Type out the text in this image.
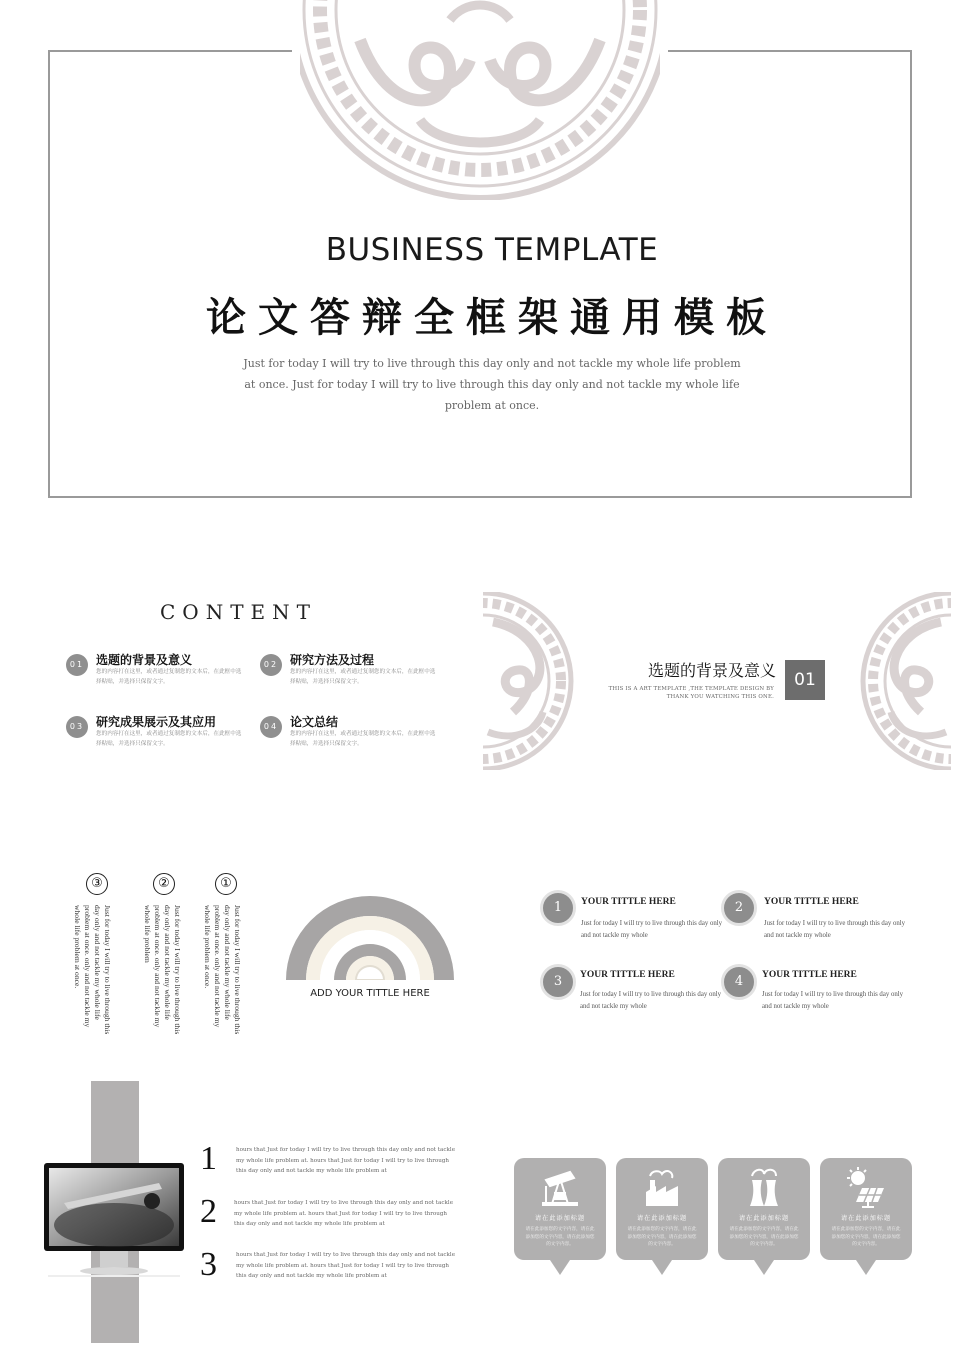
BUSINESS TEMPLATE
论文答辩全框架通用模板
Just for today I will try to live through this day only and not tackle my whole life problem at once. Just for today I will try to live through this day only and not tackle my whole life problem at once.
CONTENT
01 选题的背景及意义
您的内容打在这里，或者通过复制您的文本后，在此框中选择粘贴，并选择只保留文字。
02 研究方法及过程
您的内容打在这里，或者通过复制您的文本后，在此框中选择粘贴，并选择只保留文字。
03 研究成果展示及其应用
您的内容打在这里，或者通过复制您的文本后，在此框中选择粘贴，并选择只保留文字。
04 论文总结
您的内容打在这里，或者通过复制您的文本后，在此框中选择粘贴，并选择只保留文字。
选题的背景及意义
THIS IS A ART TEMPLATE ,THE TEMPLATE DESIGN BY THANK YOU WATCHING THIS ONE.
01
③	②	①
Just for today I will try to live through this day only and not tackle my whole life problem at once. only and not tackle my whole life problem at once.	Just for today I will try to live through this day only and not tackle my whole life problem at once. only and not tackle my whole life problem	Just for today I will try to live through this day only and not tackle my whole life problem at once. only and not tackle my whole life problem at once.
ADD YOUR TITTLE HERE
1	YOUR TITTLE HERE
Just for today I will try to live through this day only and not tackle my whole
2	YOUR TITTLE HERE
Just for today I will try to live through this day only and not tackle my whole
3	YOUR TITTLE HERE
Just for today I will try to live through this day only and not tackle my whole
4	YOUR TITTLE HERE
Just for today I will try to live through this day only and not tackle my whole
1	hours that Just for today I will try to live through this day only and not tackle my whole life problem at. hours that Just for today I will try to live through this day only and not tackle my whole life problem at
2	hours that Just for today I will try to live through this day only and not tackle my whole life problem at. hours that Just for today I will try to live through this day only and not tackle my whole life problem at
3	hours that Just for today I will try to live through this day only and not tackle my whole life problem at. hours that Just for today I will try to live through this day only and not tackle my whole life problem at
请在此添加标题
请在此添加您的文字内容，请在此添加您的文字内容，请在此添加您的文字内容。
请在此添加标题
请在此添加您的文字内容，请在此添加您的文字内容，请在此添加您的文字内容。
请在此添加标题
请在此添加您的文字内容，请在此添加您的文字内容，请在此添加您的文字内容。
请在此添加标题
请在此添加您的文字内容，请在此添加您的文字内容，请在此添加您的文字内容。
